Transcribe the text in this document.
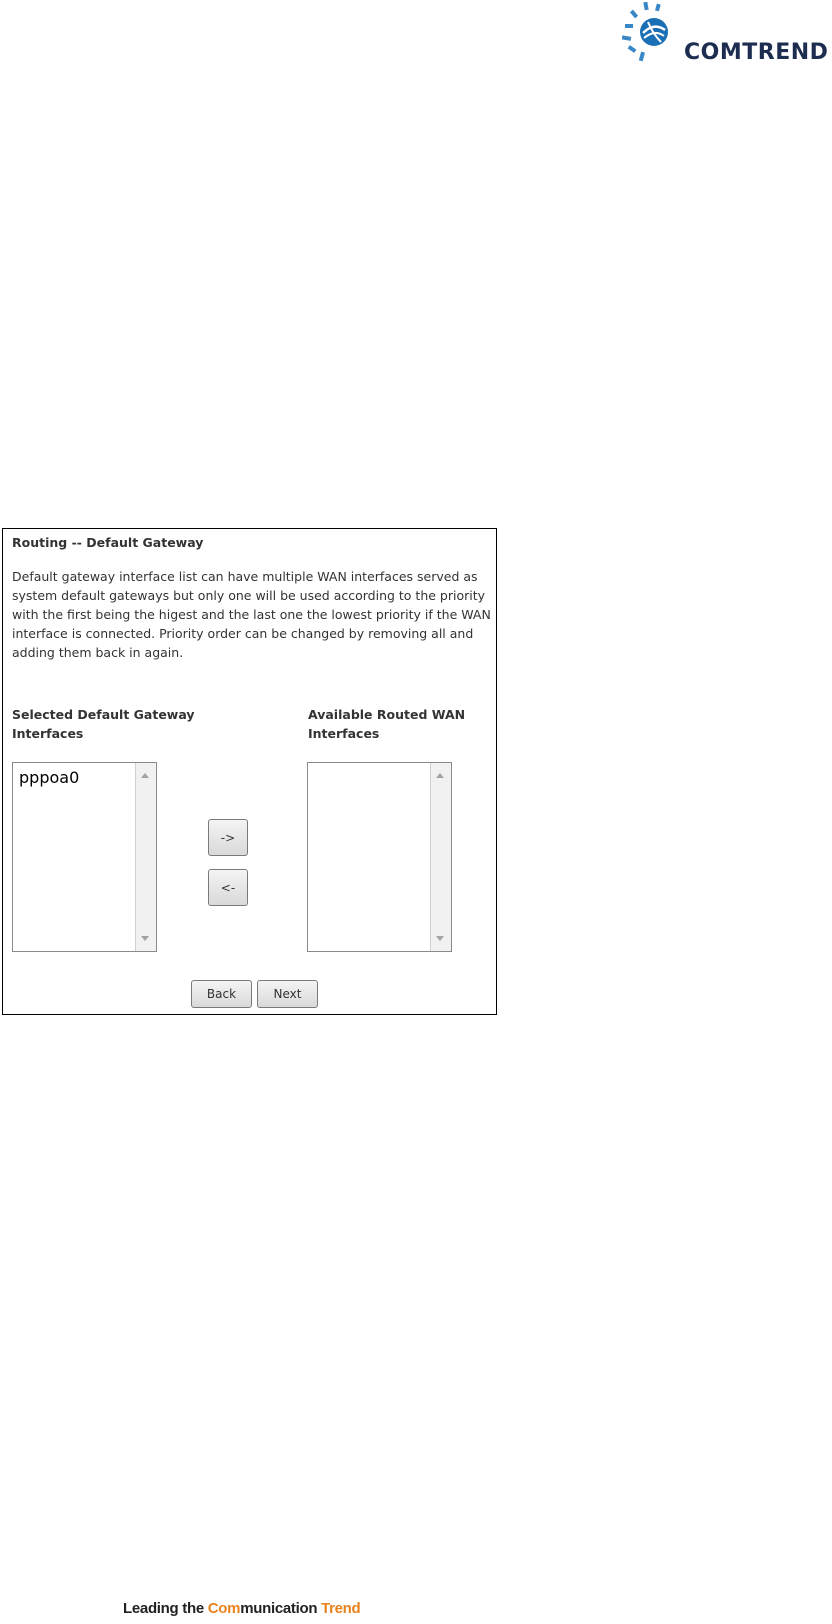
COMTREND
Routing -- Default Gateway
Default gateway interface list can have multiple WAN interfaces served as system default gateways but only one will be used according to the priority with the first being the higest and the last one the lowest priority if the WAN interface is connected. Priority order can be changed by removing all and adding them back in again.
Selected Default Gateway
Interfaces
Available Routed WAN
Interfaces
pppoa0
->
<-
Back	Next
Leading the Communication Trend
